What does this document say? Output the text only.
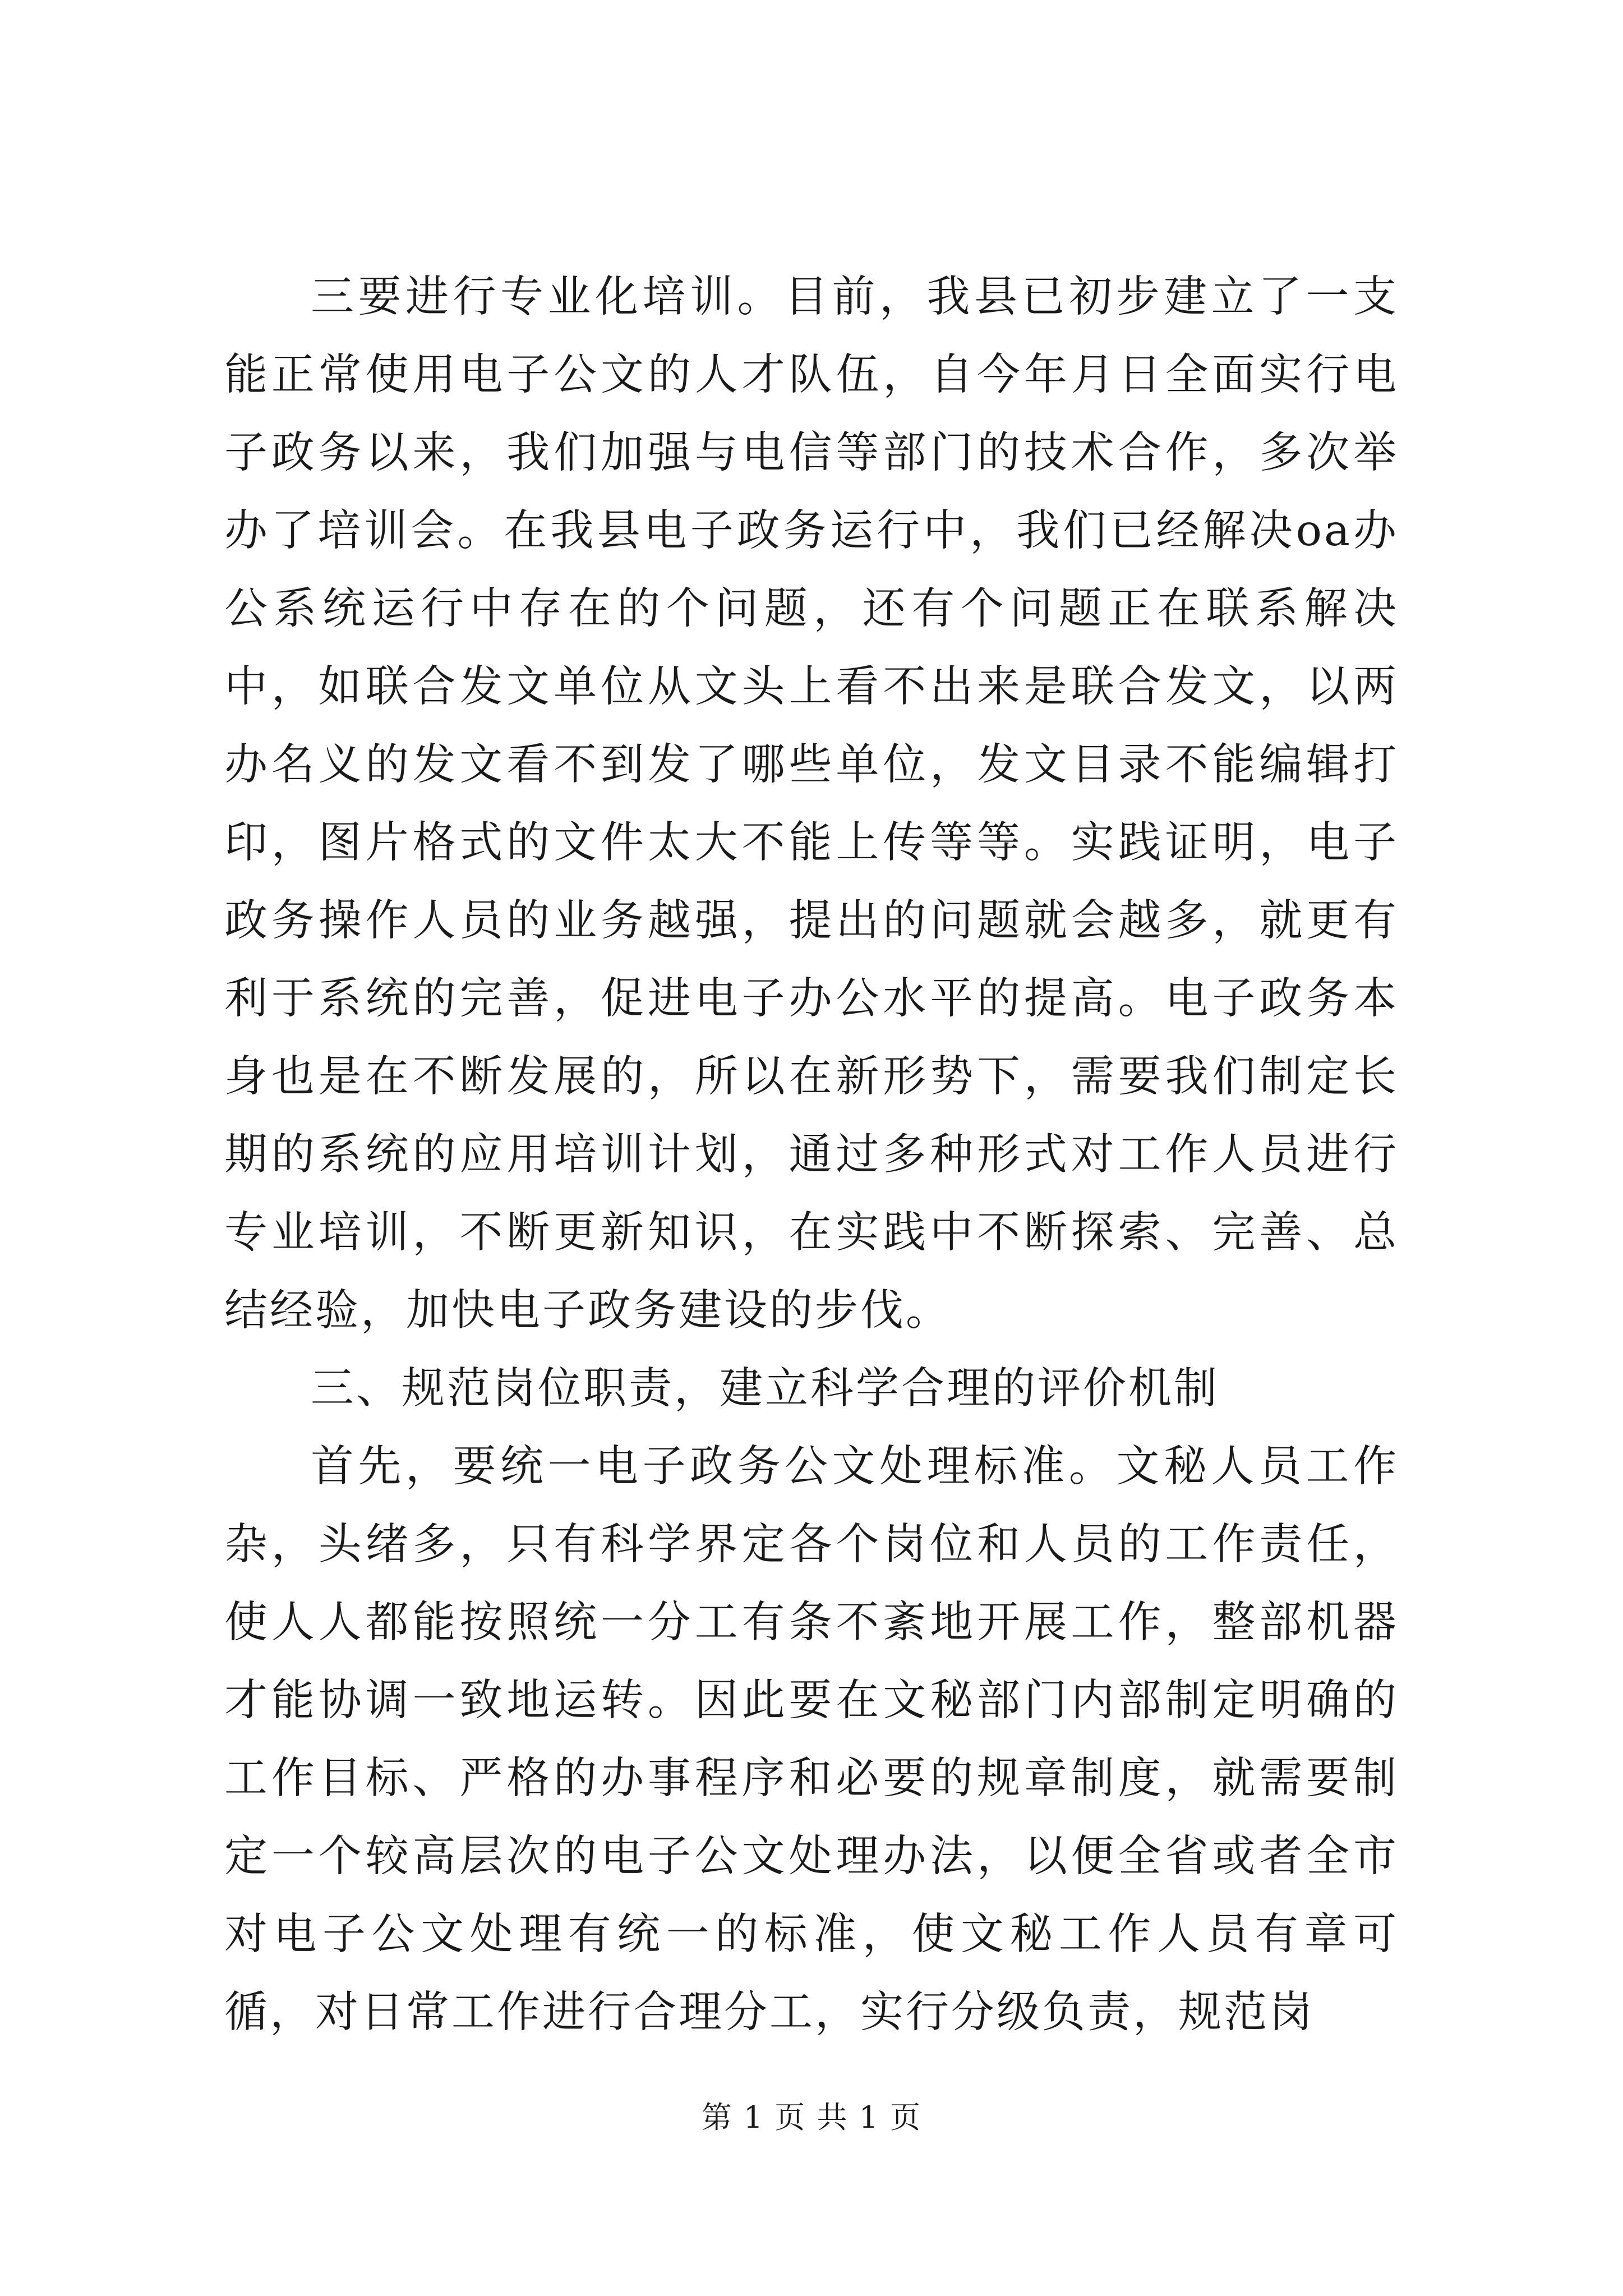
三要进行专业化培训。目前，我县已初步建立了一支能正常使用电子公文的人才队伍，自今年月日全面实行电子政务以来，我们加强与电信等部门的技术合作，多次举办了培训会。在我县电子政务运行中，我们已经解决oa办公系统运行中存在的个问题，还有个问题正在联系解决中，如联合发文单位从文头上看不出来是联合发文，以两办名义的发文看不到发了哪些单位，发文目录不能编辑打印，图片格式的文件太大不能上传等等。实践证明，电子政务操作人员的业务越强，提出的问题就会越多，就更有利于系统的完善，促进电子办公水平的提高。电子政务本身也是在不断发展的，所以在新形势下，需要我们制定长期的系统的应用培训计划，通过多种形式对工作人员进行专业培训，不断更新知识，在实践中不断探索、完善、总结经验，加快电子政务建设的步伐。

三、规范岗位职责，建立科学合理的评价机制

首先，要统一电子政务公文处理标准。文秘人员工作杂，头绪多，只有科学界定各个岗位和人员的工作责任，使人人都能按照统一分工有条不紊地开展工作，整部机器才能协调一致地运转。因此要在文秘部门内部制定明确的工作目标、严格的办事程序和必要的规章制度，就需要制定一个较高层次的电子公文处理办法，以便全省或者全市对电子公文处理有统一的标准，使文秘工作人员有章可循，对日常工作进行合理分工，实行分级负责，规范岗

第 1 页 共 1 页
